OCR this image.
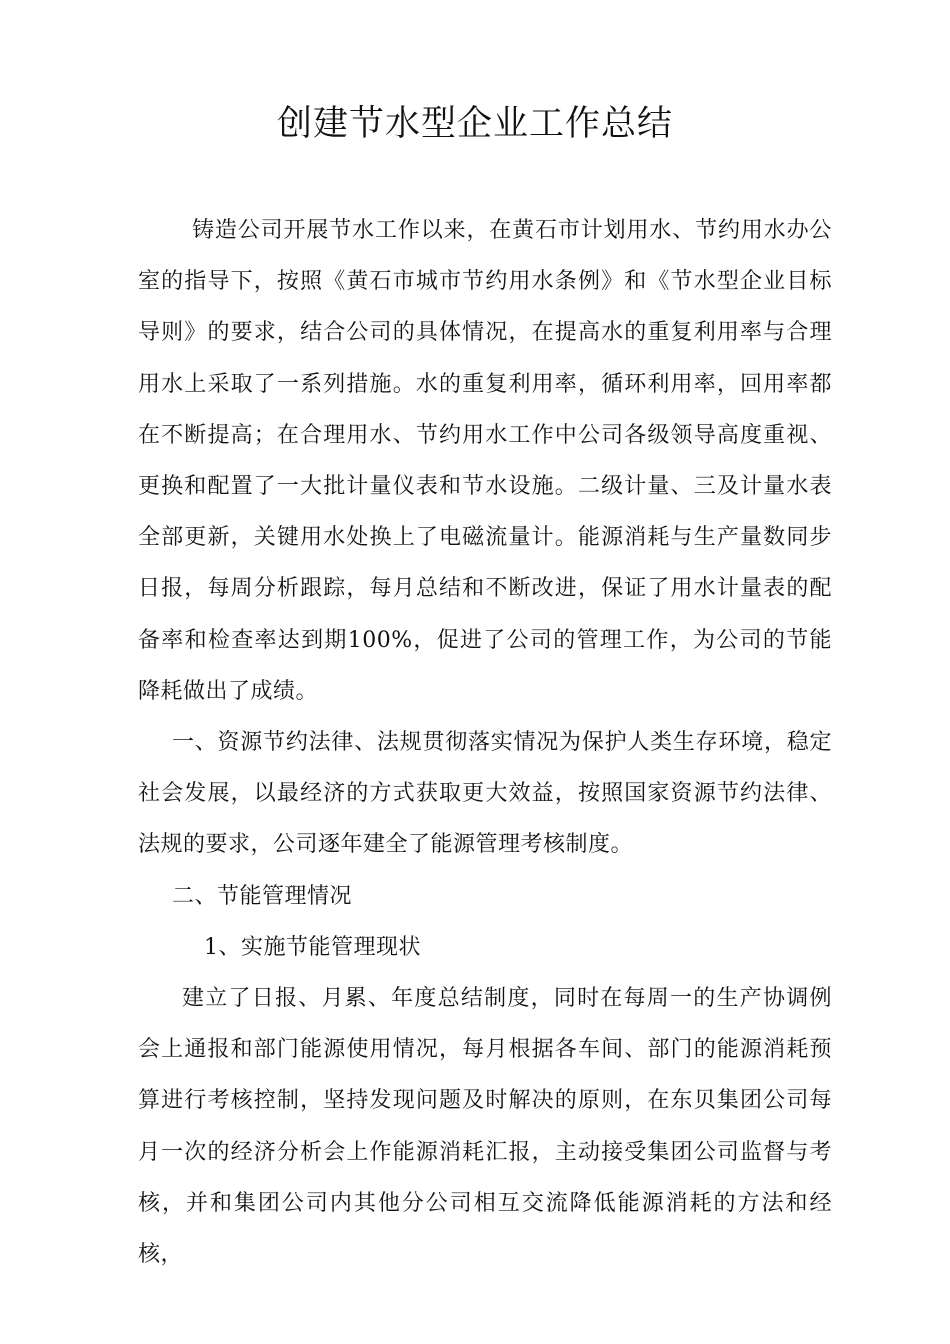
创建节水型企业工作总结

铸造公司开展节水工作以来，在黄石市计划用水、节约用水办公室的指导下，按照《黄石市城市节约用水条例》和《节水型企业目标导则》的要求，结合公司的具体情况，在提高水的重复利用率与合理用水上采取了一系列措施。水的重复利用率，循环利用率，回用率都在不断提高；在合理用水、节约用水工作中公司各级领导高度重视、更换和配置了一大批计量仪表和节水设施。二级计量、三及计量水表全部更新，关键用水处换上了电磁流量计。能源消耗与生产量数同步日报，每周分析跟踪，每月总结和不断改进，保证了用水计量表的配备率和检查率达到期100%，促进了公司的管理工作，为公司的节能降耗做出了成绩。

一、资源节约法律、法规贯彻落实情况为保护人类生存环境，稳定社会发展，以最经济的方式获取更大效益，按照国家资源节约法律、法规的要求，公司逐年建全了能源管理考核制度。

二、节能管理情况

1、实施节能管理现状

建立了日报、月累、年度总结制度，同时在每周一的生产协调例会上通报和部门能源使用情况，每月根据各车间、部门的能源消耗预算进行考核控制，坚持发现问题及时解决的原则，在东贝集团公司每月一次的经济分析会上作能源消耗汇报，主动接受集团公司监督与考核，并和集团公司内其他分公司相互交流降低能源消耗的方法和经核，
